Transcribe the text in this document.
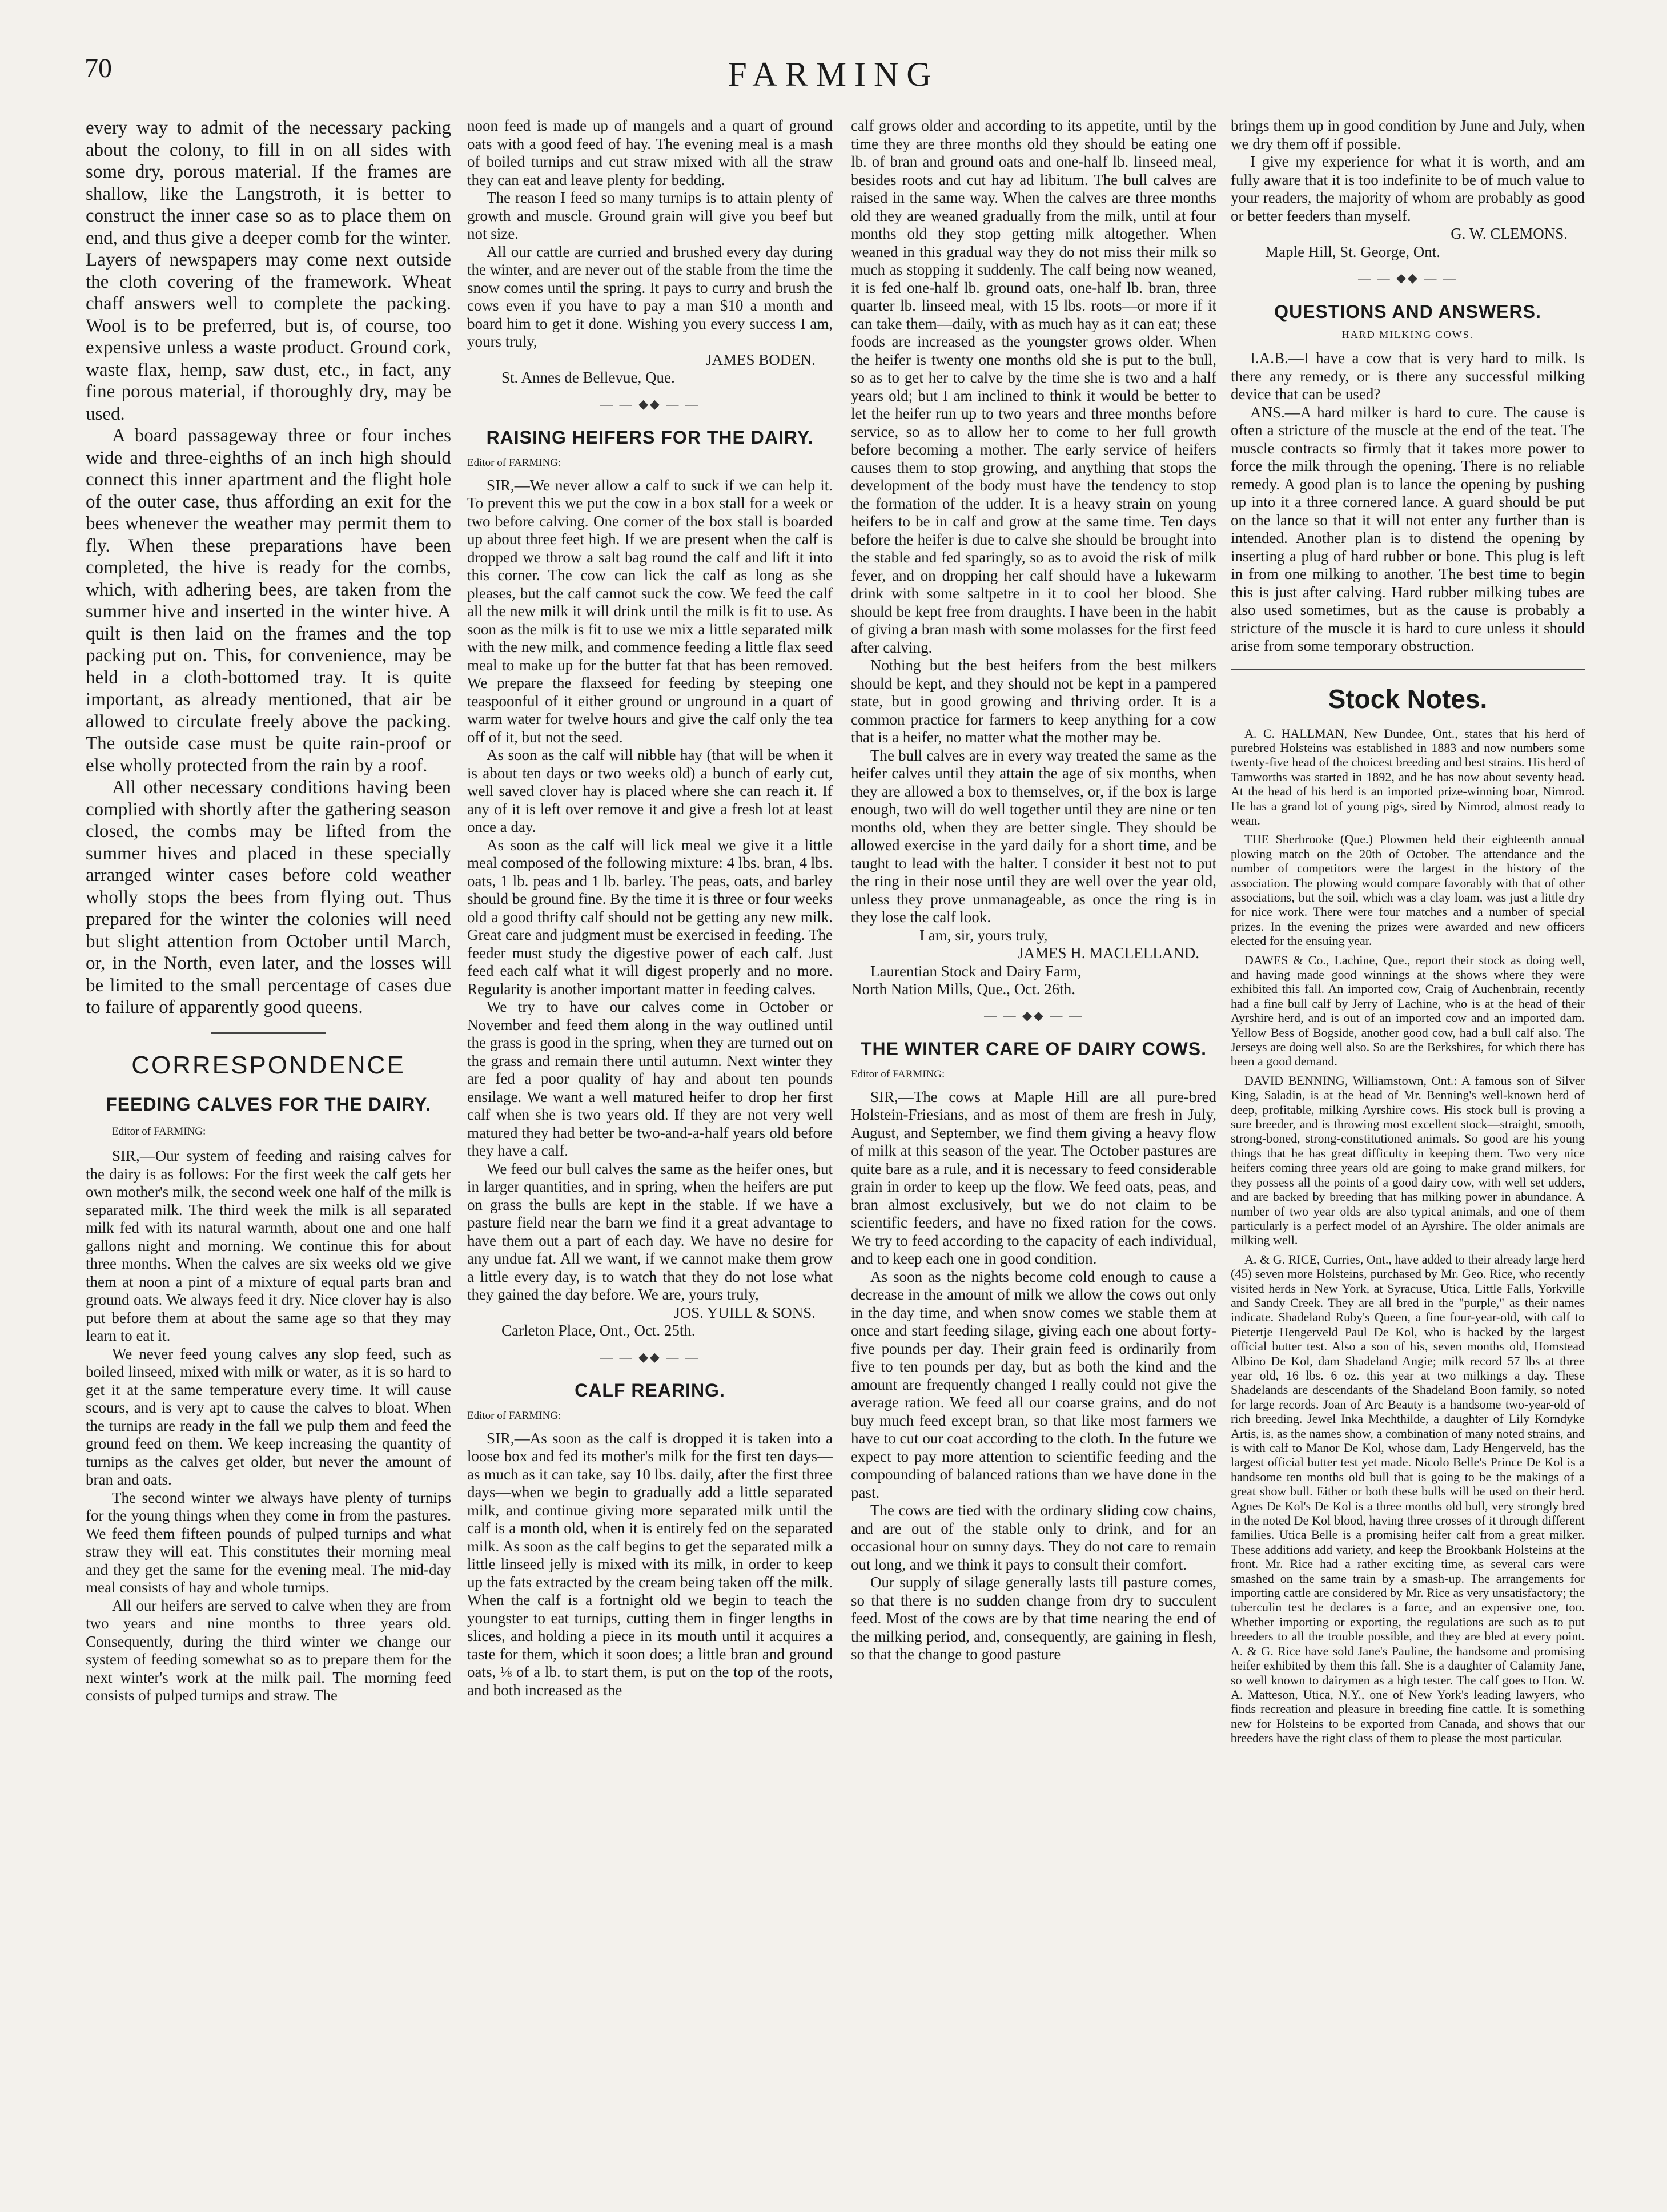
70	FARMING

every way to admit of the necessary packing about the colony, to fill in on all sides with some dry, porous material. If the frames are shallow, like the Langstroth, it is better to construct the inner case so as to place them on end, and thus give a deeper comb for the winter. Layers of newspapers may come next outside the cloth covering of the framework. Wheat chaff answers well to complete the packing. Wool is to be preferred, but is, of course, too expensive unless a waste product. Ground cork, waste flax, hemp, saw dust, etc., in fact, any fine porous material, if thoroughly dry, may be used.

A board passageway three or four inches wide and three-eighths of an inch high should connect this inner apartment and the flight hole of the outer case, thus affording an exit for the bees whenever the weather may permit them to fly. When these preparations have been completed, the hive is ready for the combs, which, with adhering bees, are taken from the summer hive and inserted in the winter hive. A quilt is then laid on the frames and the top packing put on. This, for convenience, may be held in a cloth-bottomed tray. It is quite important, as already mentioned, that air be allowed to circulate freely above the packing. The outside case must be quite rain-proof or else wholly protected from the rain by a roof.

All other necessary conditions having been complied with shortly after the gathering season closed, the combs may be lifted from the summer hives and placed in these specially arranged winter cases before cold weather wholly stops the bees from flying out. Thus prepared for the winter the colonies will need but slight attention from October until March, or, in the North, even later, and the losses will be limited to the small percentage of cases due to failure of apparently good queens.

CORRESPONDENCE
FEEDING CALVES FOR THE DAIRY.

Editor of FARMING:

SIR,—Our system of feeding and raising calves for the dairy is as follows: For the first week the calf gets her own mother's milk, the second week one half of the milk is separated milk. The third week the milk is all separated milk fed with its natural warmth, about one and one half gallons night and morning. We continue this for about three months. When the calves are six weeks old we give them at noon a pint of a mixture of equal parts bran and ground oats. We always feed it dry. Nice clover hay is also put before them at about the same age so that they may learn to eat it.

We never feed young calves any slop feed, such as boiled linseed, mixed with milk or water, as it is so hard to get it at the same temperature every time. It will cause scours, and is very apt to cause the calves to bloat. When the turnips are ready in the fall we pulp them and feed the ground feed on them. We keep increasing the quantity of turnips as the calves get older, but never the amount of bran and oats.

The second winter we always have plenty of turnips for the young things when they come in from the pastures. We feed them fifteen pounds of pulped turnips and what straw they will eat. This constitutes their morning meal and they get the same for the evening meal. The mid-day meal consists of hay and whole turnips.

All our heifers are served to calve when they are from two years and nine months to three years old. Consequently, during the third winter we change our system of feeding somewhat so as to prepare them for the next winter's work at the milk pail. The morning feed consists of pulped turnips and straw. The

noon feed is made up of mangels and a quart of ground oats with a good feed of hay. The evening meal is a mash of boiled turnips and cut straw mixed with all the straw they can eat and leave plenty for bedding.

The reason I feed so many turnips is to attain plenty of growth and muscle. Ground grain will give you beef but not size.

All our cattle are curried and brushed every day during the winter, and are never out of the stable from the time the snow comes until the spring. It pays to curry and brush the cows even if you have to pay a man $10 a month and board him to get it done. Wishing you every success I am, yours truly,

JAMES BODEN.

St. Annes de Bellevue, Que.

— — ◆◆ — —
RAISING HEIFERS FOR THE DAIRY.

Editor of FARMING:

SIR,—We never allow a calf to suck if we can help it. To prevent this we put the cow in a box stall for a week or two before calving. One corner of the box stall is boarded up about three feet high. If we are present when the calf is dropped we throw a salt bag round the calf and lift it into this corner. The cow can lick the calf as long as she pleases, but the calf cannot suck the cow. We feed the calf all the new milk it will drink until the milk is fit to use. As soon as the milk is fit to use we mix a little separated milk with the new milk, and commence feeding a little flax seed meal to make up for the butter fat that has been removed. We prepare the flaxseed for feeding by steeping one teaspoonful of it either ground or unground in a quart of warm water for twelve hours and give the calf only the tea off of it, but not the seed.

As soon as the calf will nibble hay (that will be when it is about ten days or two weeks old) a bunch of early cut, well saved clover hay is placed where she can reach it. If any of it is left over remove it and give a fresh lot at least once a day.

As soon as the calf will lick meal we give it a little meal composed of the following mixture: 4 lbs. bran, 4 lbs. oats, 1 lb. peas and 1 lb. barley. The peas, oats, and barley should be ground fine. By the time it is three or four weeks old a good thrifty calf should not be getting any new milk. Great care and judgment must be exercised in feeding. The feeder must study the digestive power of each calf. Just feed each calf what it will digest properly and no more. Regularity is another important matter in feeding calves.

We try to have our calves come in October or November and feed them along in the way outlined until the grass is good in the spring, when they are turned out on the grass and remain there until autumn. Next winter they are fed a poor quality of hay and about ten pounds ensilage. We want a well matured heifer to drop her first calf when she is two years old. If they are not very well matured they had better be two-and-a-half years old before they have a calf.

We feed our bull calves the same as the heifer ones, but in larger quantities, and in spring, when the heifers are put on grass the bulls are kept in the stable. If we have a pasture field near the barn we find it a great advantage to have them out a part of each day. We have no desire for any undue fat. All we want, if we cannot make them grow a little every day, is to watch that they do not lose what they gained the day before. We are, yours truly,

JOS. YUILL & SONS.

Carleton Place, Ont., Oct. 25th.

— — ◆◆ — —
CALF REARING.

Editor of FARMING:

SIR,—As soon as the calf is dropped it is taken into a loose box and fed its mother's milk for the first ten days—as much as it can take, say 10 lbs. daily, after the first three days—when we begin to gradually add a little separated milk, and continue giving more separated milk until the calf is a month old, when it is entirely fed on the separated milk. As soon as the calf begins to get the separated milk a little linseed jelly is mixed with its milk, in order to keep up the fats extracted by the cream being taken off the milk. When the calf is a fortnight old we begin to teach the youngster to eat turnips, cutting them in finger lengths in slices, and holding a piece in its mouth until it acquires a taste for them, which it soon does; a little bran and ground oats, ⅛ of a lb. to start them, is put on the top of the roots, and both increased as the

calf grows older and according to its appetite, until by the time they are three months old they should be eating one lb. of bran and ground oats and one-half lb. linseed meal, besides roots and cut hay ad libitum. The bull calves are raised in the same way. When the calves are three months old they are weaned gradually from the milk, until at four months old they stop getting milk altogether. When weaned in this gradual way they do not miss their milk so much as stopping it suddenly. The calf being now weaned, it is fed one-half lb. ground oats, one-half lb. bran, three quarter lb. linseed meal, with 15 lbs. roots—or more if it can take them—daily, with as much hay as it can eat; these foods are increased as the youngster grows older. When the heifer is twenty one months old she is put to the bull, so as to get her to calve by the time she is two and a half years old; but I am inclined to think it would be better to let the heifer run up to two years and three months before service, so as to allow her to come to her full growth before becoming a mother. The early service of heifers causes them to stop growing, and anything that stops the development of the body must have the tendency to stop the formation of the udder. It is a heavy strain on young heifers to be in calf and grow at the same time. Ten days before the heifer is due to calve she should be brought into the stable and fed sparingly, so as to avoid the risk of milk fever, and on dropping her calf should have a lukewarm drink with some saltpetre in it to cool her blood. She should be kept free from draughts. I have been in the habit of giving a bran mash with some molasses for the first feed after calving.

Nothing but the best heifers from the best milkers should be kept, and they should not be kept in a pampered state, but in good growing and thriving order. It is a common practice for farmers to keep anything for a cow that is a heifer, no matter what the mother may be.

The bull calves are in every way treated the same as the heifer calves until they attain the age of six months, when they are allowed a box to themselves, or, if the box is large enough, two will do well together until they are nine or ten months old, when they are better single. They should be allowed exercise in the yard daily for a short time, and be taught to lead with the halter. I consider it best not to put the ring in their nose until they are well over the year old, unless they prove unmanageable, as once the ring is in they lose the calf look.

I am, sir, yours truly,

JAMES H. MACLELLAND.

Laurentian Stock and Dairy Farm,

North Nation Mills, Que., Oct. 26th.

— — ◆◆ — —
THE WINTER CARE OF DAIRY COWS.

Editor of FARMING:

SIR,—The cows at Maple Hill are all pure-bred Holstein-Friesians, and as most of them are fresh in July, August, and September, we find them giving a heavy flow of milk at this season of the year. The October pastures are quite bare as a rule, and it is necessary to feed considerable grain in order to keep up the flow. We feed oats, peas, and bran almost exclusively, but we do not claim to be scientific feeders, and have no fixed ration for the cows. We try to feed according to the capacity of each individual, and to keep each one in good condition.

As soon as the nights become cold enough to cause a decrease in the amount of milk we allow the cows out only in the day time, and when snow comes we stable them at once and start feeding silage, giving each one about forty-five pounds per day. Their grain feed is ordinarily from five to ten pounds per day, but as both the kind and the amount are frequently changed I really could not give the average ration. We feed all our coarse grains, and do not buy much feed except bran, so that like most farmers we have to cut our coat according to the cloth. In the future we expect to pay more attention to scientific feeding and the compounding of balanced rations than we have done in the past.

The cows are tied with the ordinary sliding cow chains, and are out of the stable only to drink, and for an occasional hour on sunny days. They do not care to remain out long, and we think it pays to consult their comfort.

Our supply of silage generally lasts till pasture comes, so that there is no sudden change from dry to succulent feed. Most of the cows are by that time nearing the end of the milking period, and, consequently, are gaining in flesh, so that the change to good pasture

brings them up in good condition by June and July, when we dry them off if possible.

I give my experience for what it is worth, and am fully aware that it is too indefinite to be of much value to your readers, the majority of whom are probably as good or better feeders than myself.

G. W. CLEMONS.

Maple Hill, St. George, Ont.

— — ◆◆ — —
QUESTIONS AND ANSWERS.
HARD MILKING COWS.

I.A.B.—I have a cow that is very hard to milk. Is there any remedy, or is there any successful milking device that can be used?

ANS.—A hard milker is hard to cure. The cause is often a stricture of the muscle at the end of the teat. The muscle contracts so firmly that it takes more power to force the milk through the opening. There is no reliable remedy. A good plan is to lance the opening by pushing up into it a three cornered lance. A guard should be put on the lance so that it will not enter any further than is intended. Another plan is to distend the opening by inserting a plug of hard rubber or bone. This plug is left in from one milking to another. The best time to begin this is just after calving. Hard rubber milking tubes are also used sometimes, but as the cause is probably a stricture of the muscle it is hard to cure unless it should arise from some temporary obstruction.

Stock Notes.

A. C. HALLMAN, New Dundee, Ont., states that his herd of purebred Holsteins was established in 1883 and now numbers some twenty-five head of the choicest breeding and best strains. His herd of Tamworths was started in 1892, and he has now about seventy head. At the head of his herd is an imported prize-winning boar, Nimrod. He has a grand lot of young pigs, sired by Nimrod, almost ready to wean.

THE Sherbrooke (Que.) Plowmen held their eighteenth annual plowing match on the 20th of October. The attendance and the number of competitors were the largest in the history of the association. The plowing would compare favorably with that of other associations, but the soil, which was a clay loam, was just a little dry for nice work. There were four matches and a number of special prizes. In the evening the prizes were awarded and new officers elected for the ensuing year.

DAWES & Co., Lachine, Que., report their stock as doing well, and having made good winnings at the shows where they were exhibited this fall. An imported cow, Craig of Auchenbrain, recently had a fine bull calf by Jerry of Lachine, who is at the head of their Ayrshire herd, and is out of an imported cow and an imported dam. Yellow Bess of Bogside, another good cow, had a bull calf also. The Jerseys are doing well also. So are the Berkshires, for which there has been a good demand.

DAVID BENNING, Williamstown, Ont.: A famous son of Silver King, Saladin, is at the head of Mr. Benning's well-known herd of deep, profitable, milking Ayrshire cows. His stock bull is proving a sure breeder, and is throwing most excellent stock—straight, smooth, strong-boned, strong-constitutioned animals. So good are his young things that he has great difficulty in keeping them. Two very nice heifers coming three years old are going to make grand milkers, for they possess all the points of a good dairy cow, with well set udders, and are backed by breeding that has milking power in abundance. A number of two year olds are also typical animals, and one of them particularly is a perfect model of an Ayrshire. The older animals are milking well.

A. & G. RICE, Curries, Ont., have added to their already large herd (45) seven more Holsteins, purchased by Mr. Geo. Rice, who recently visited herds in New York, at Syracuse, Utica, Little Falls, Yorkville and Sandy Creek. They are all bred in the "purple," as their names indicate. Shadeland Ruby's Queen, a fine four-year-old, with calf to Pietertje Hengerveld Paul De Kol, who is backed by the largest official butter test. Also a son of his, seven months old, Homstead Albino De Kol, dam Shadeland Angie; milk record 57 lbs at three year old, 16 lbs. 6 oz. this year at two milkings a day. These Shadelands are descendants of the Shadeland Boon family, so noted for large records. Joan of Arc Beauty is a handsome two-year-old of rich breeding. Jewel Inka Mechthilde, a daughter of Lily Korndyke Artis, is, as the names show, a combination of many noted strains, and is with calf to Manor De Kol, whose dam, Lady Hengerveld, has the largest official butter test yet made. Nicolo Belle's Prince De Kol is a handsome ten months old bull that is going to be the makings of a great show bull. Either or both these bulls will be used on their herd. Agnes De Kol's De Kol is a three months old bull, very strongly bred in the noted De Kol blood, having three crosses of it through different families. Utica Belle is a promising heifer calf from a great milker. These additions add variety, and keep the Brookbank Holsteins at the front. Mr. Rice had a rather exciting time, as several cars were smashed on the same train by a smash-up. The arrangements for importing cattle are considered by Mr. Rice as very unsatisfactory; the tuberculin test he declares is a farce, and an expensive one, too. Whether importing or exporting, the regulations are such as to put breeders to all the trouble possible, and they are bled at every point. A. & G. Rice have sold Jane's Pauline, the handsome and promising heifer exhibited by them this fall. She is a daughter of Calamity Jane, so well known to dairymen as a high tester. The calf goes to Hon. W. A. Matteson, Utica, N.Y., one of New York's leading lawyers, who finds recreation and pleasure in breeding fine cattle. It is something new for Holsteins to be exported from Canada, and shows that our breeders have the right class of them to please the most particular.
